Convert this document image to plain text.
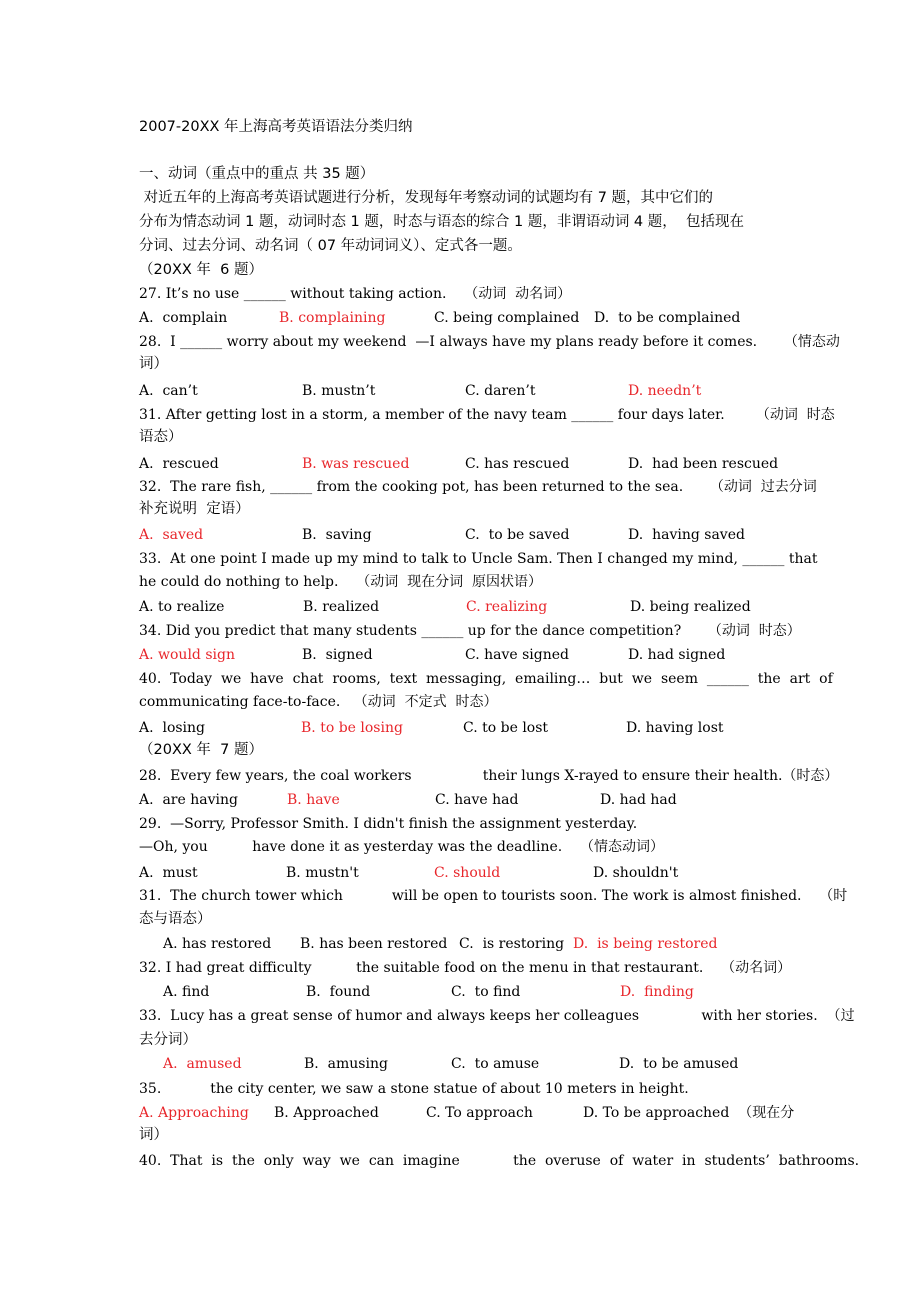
2007-20XX 年上海高考英语语法分类归纳
一、动词（重点中的重点 共 35 题）
对近五年的上海高考英语试题进行分析，发现每年考察动词的试题均有 7 题，其中它们的
分布为情态动词 1 题，动词时态 1 题，时态与语态的综合 1 题，非谓语动词 4 题，  包括现在
分词、过去分词、动名词（ 07 年动词词义）、定式各一题。
（20XX 年  6 题）
27. It’s no use ______ without taking action.    （动词  动名词）
A.  complain	B. complaining	C. being complained D.  to be complained
28.  I ______ worry about my weekend  —I always have my plans ready before it comes.      （情态动
词）
A.  can’t	B. mustn’t	C. daren’t	D. needn’t
31. After getting lost in a storm, a member of the navy team ______ four days later.       （动词  时态
语态）
A.  rescued	B. was rescued	C. has rescued	D.  had been rescued
32.  The rare fish, ______ from the cooking pot, has been returned to the sea.      （动词  过去分词
补充说明  定语）
A.  saved	B.  saving	C.  to be saved	D.  having saved
33.  At one point I made up my mind to talk to Uncle Sam. Then I changed my mind, ______ that
he could do nothing to help.    （动词  现在分词  原因状语）
A. to realize	B. realized	C. realizing	D. being realized
34. Did you predict that many students ______ up for the dance competition?      （动词  时态）
A. would sign	B.  signed	C. have signed	D. had signed
40.  Today  we  have  chat  rooms,  text  messaging,  emailing…  but  we  seem  ______  the  art  of
communicating face-to-face.   （动词  不定式  时态）
A.  losing	B. to be losing	C. to be lost	D. having lost
（20XX 年  7 题）
28.  Every few years, the coal workers                their lungs X-rayed to ensure their health.（时态）
A.  are having	B. have	C. have had	D. had had
29.  —Sorry, Professor Smith. I didn't finish the assignment yesterday.
—Oh, you          have done it as yesterday was the deadline.    （情态动词）
A.  must	B. mustn't	C. should	D. shouldn't
31.  The church tower which           will be open to tourists soon. The work is almost finished.    （时
态与语态）
A. has restored B. has been restored C.  is restoring D.  is being restored
32. I had great difficulty          the suitable food on the menu in that restaurant.    （动名词）
A. find	B.  found	C.  to find	D.  finding
33.  Lucy has a great sense of humor and always keeps her colleagues              with her stories.  （过
去分词）
A.  amused	B.  amusing	C.  to amuse	D.  to be amused
35.           the city center, we saw a stone statue of about 10 meters in height.
A. Approaching B. Approached	C. To approach	D. To be approached  （现在分
词）
40.  That  is  the  only  way  we  can  imagine            the  overuse  of  water  in  students’  bathrooms.
